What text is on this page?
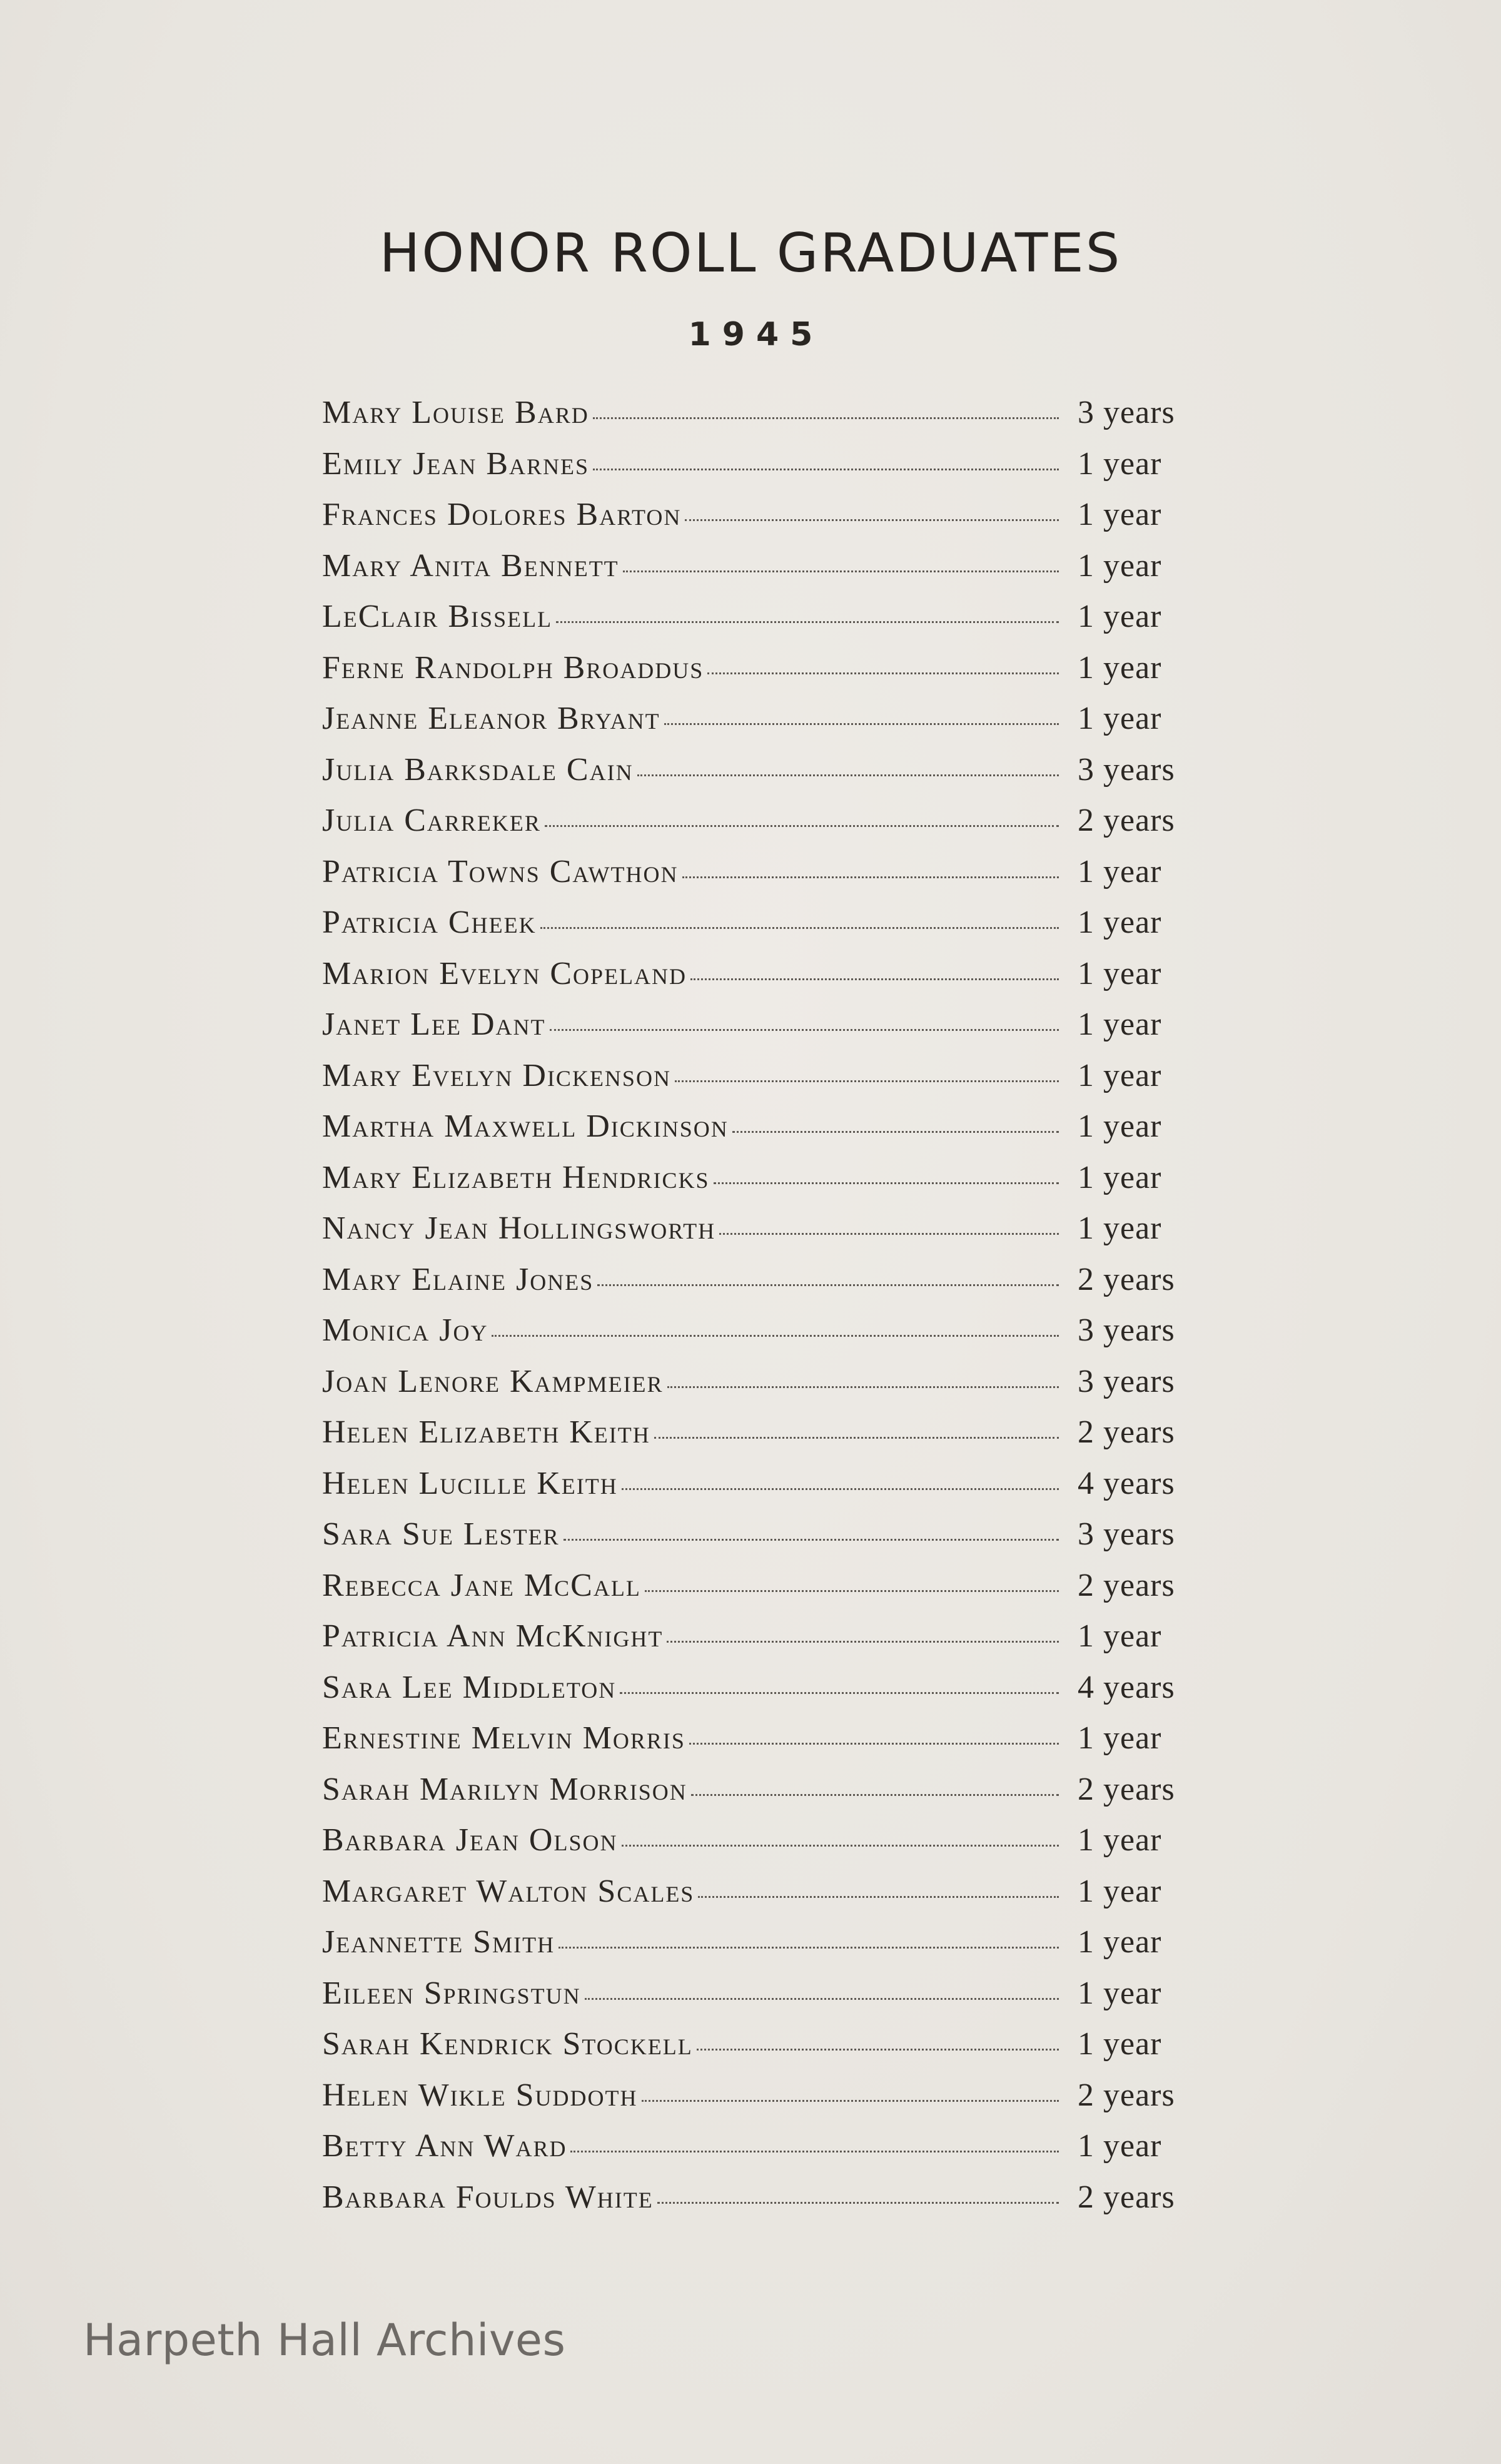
HONOR ROLL GRADUATES
1945
Mary Louise Bard	3 years
Emily Jean Barnes	1 year
Frances Dolores Barton	1 year
Mary Anita Bennett	1 year
LeClair Bissell	1 year
Ferne Randolph Broaddus	1 year
Jeanne Eleanor Bryant	1 year
Julia Barksdale Cain	3 years
Julia Carreker	2 years
Patricia Towns Cawthon	1 year
Patricia Cheek	1 year
Marion Evelyn Copeland	1 year
Janet Lee Dant	1 year
Mary Evelyn Dickenson	1 year
Martha Maxwell Dickinson	1 year
Mary Elizabeth Hendricks	1 year
Nancy Jean Hollingsworth	1 year
Mary Elaine Jones	2 years
Monica Joy	3 years
Joan Lenore Kampmeier	3 years
Helen Elizabeth Keith	2 years
Helen Lucille Keith	4 years
Sara Sue Lester	3 years
Rebecca Jane McCall	2 years
Patricia Ann McKnight	1 year
Sara Lee Middleton	4 years
Ernestine Melvin Morris	1 year
Sarah Marilyn Morrison	2 years
Barbara Jean Olson	1 year
Margaret Walton Scales	1 year
Jeannette Smith	1 year
Eileen Springstun	1 year
Sarah Kendrick Stockell	1 year
Helen Wikle Suddoth	2 years
Betty Ann Ward	1 year
Barbara Foulds White	2 years
Harpeth Hall Archives
